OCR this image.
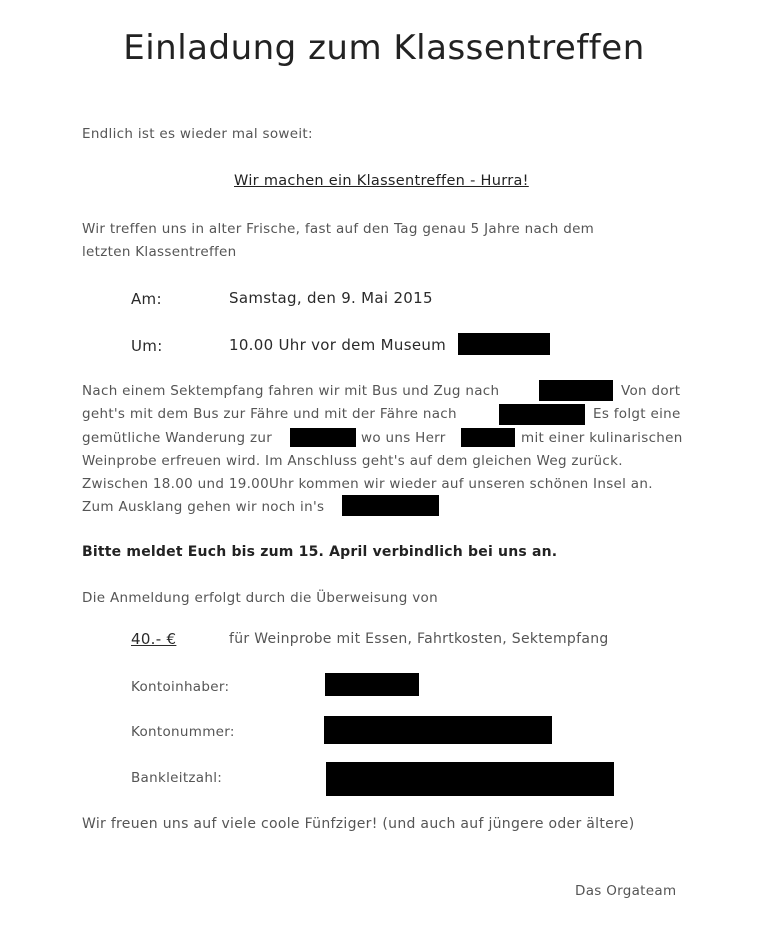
Einladung zum Klassentreffen
Endlich ist es wieder mal soweit:
Wir machen ein Klassentreffen - Hurra!
Wir treffen uns in alter Frische, fast auf den Tag genau 5 Jahre nach dem
letzten Klassentreffen
Am:	Samstag, den 9. Mai 2015
Um:	10.00 Uhr vor dem Museum
Nach einem Sektempfang fahren wir mit Bus und Zug nach	Von dort
geht's mit dem Bus zur Fähre und mit der Fähre nach	Es folgt eine
gemütliche Wanderung zur	wo uns Herr	mit einer kulinarischen
Weinprobe erfreuen wird. Im Anschluss geht's auf dem gleichen Weg zurück.
Zwischen 18.00 und 19.00Uhr kommen wir wieder auf unseren schönen Insel an.
Zum Ausklang gehen wir noch in's
Bitte meldet Euch bis zum 15. April verbindlich bei uns an.
Die Anmeldung erfolgt durch die Überweisung von
40.- €	für Weinprobe mit Essen, Fahrtkosten, Sektempfang
Kontoinhaber:
Kontonummer:
Bankleitzahl:
Wir freuen uns auf viele coole Fünfziger! (und auch auf jüngere oder ältere)
Das Orgateam
